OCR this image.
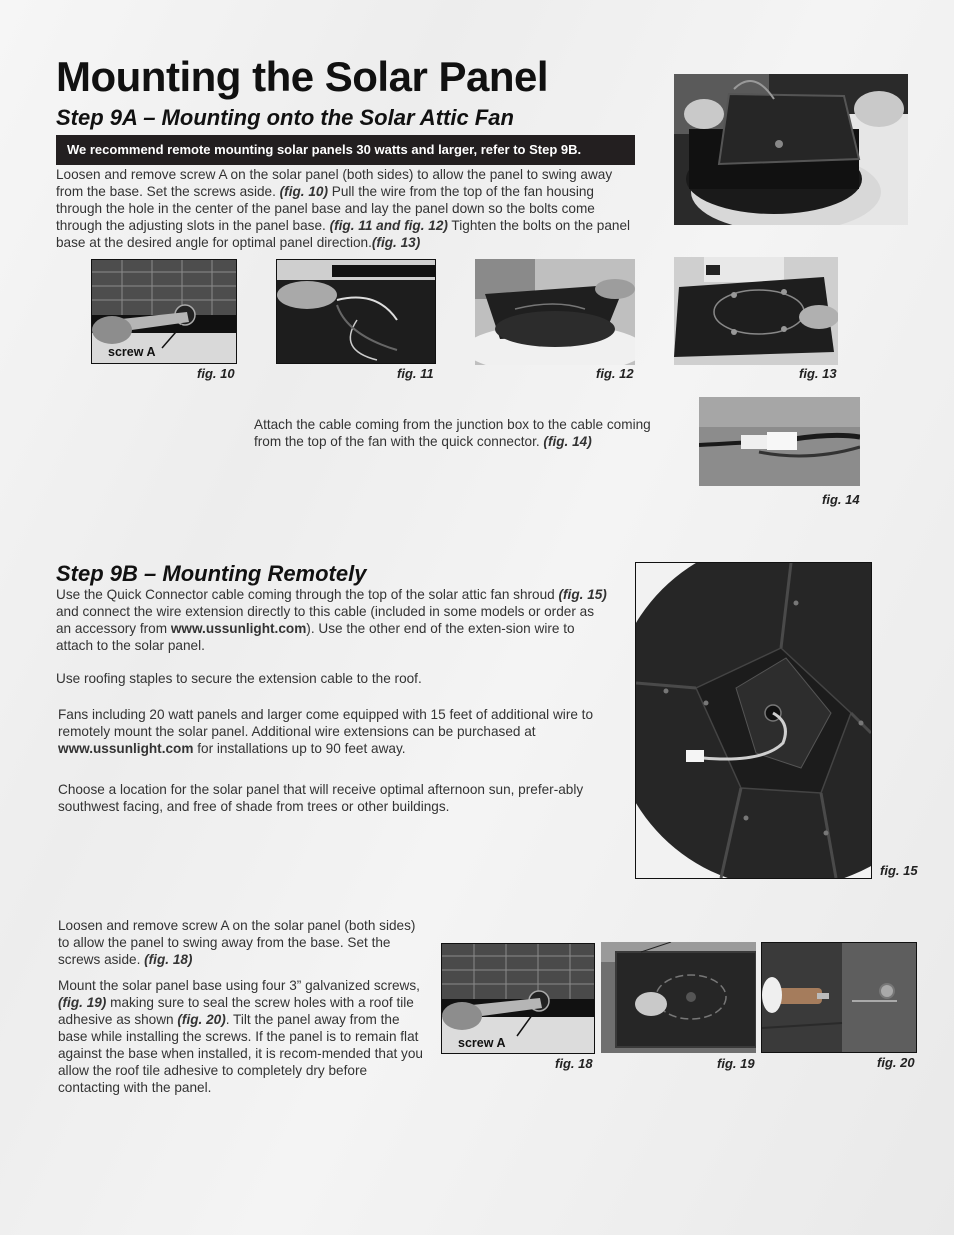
Mounting the Solar Panel
Step 9A – Mounting onto the Solar Attic Fan
We recommend remote mounting solar panels 30 watts and larger, refer to Step 9B.
Loosen and remove screw A on the solar panel (both sides) to allow the panel to swing away from the base. Set the screws aside. (fig. 10) Pull the wire from the top of the fan housing through the hole in the center of the panel base and lay the panel down so the bolts come through the adjusting slots in the panel base. (fig. 11 and fig. 12) Tighten the bolts on the panel base at the desired angle for optimal panel direction.(fig. 13)
screw A
fig. 10	fig. 11	fig. 12	fig. 13
Attach the cable coming from the junction box to the cable coming from the top of the fan with the quick connector. (fig. 14)
fig. 14
Step 9B – Mounting Remotely
Use the Quick Connector cable coming through the top of the solar attic fan shroud (fig. 15) and connect the wire extension directly to this cable (included in some models or order as an accessory from www.ussunlight.com). Use the other end of the exten-sion wire to attach to the solar panel.
Use roofing staples to secure the extension cable to the roof.
Fans including 20 watt panels and larger come equipped with 15 feet of additional wire to remotely mount the solar panel. Additional wire extensions can be purchased at www.ussunlight.com for installations up to 90 feet away.
Choose a location for the solar panel that will receive optimal afternoon sun, prefer-ably southwest facing, and free of shade from trees or other buildings.
fig. 15
Loosen and remove screw A on the solar panel (both sides) to allow the panel to swing away from the base. Set the screws aside. (fig. 18)
Mount the solar panel base using four 3” galvanized screws, (fig. 19) making sure to seal the screw holes with a roof tile adhesive as shown (fig. 20). Tilt the panel away from the base while installing the screws. If the panel is to remain flat against the base when installed, it is recom-mended that you allow the roof tile adhesive to completely dry before contacting with the panel.
screw A
fig. 18	fig. 19	fig. 20
